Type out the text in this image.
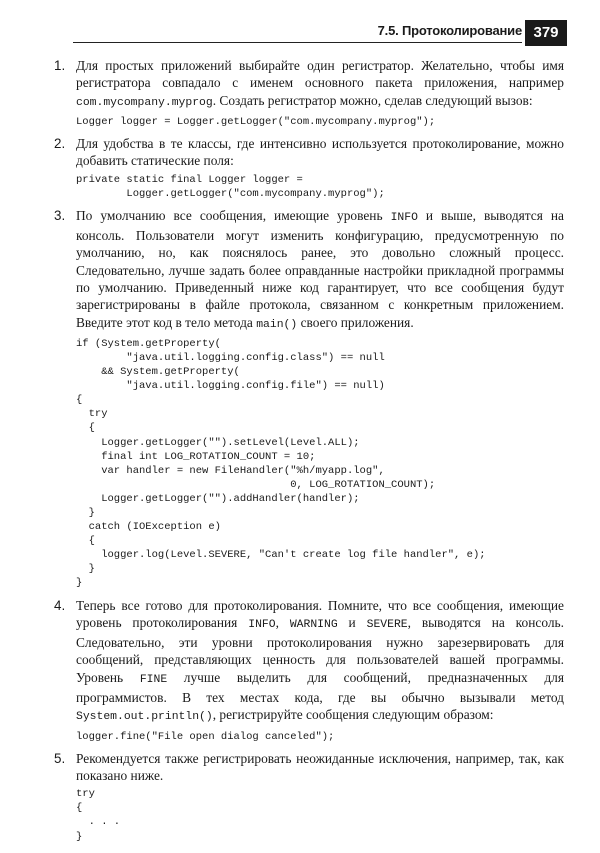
7.5. Протоколирование 379
1. Для простых приложений выбирайте один регистратор. Желательно, чтобы имя регистратора совпадало с именем основного пакета приложения, например com.mycompany.myprog. Создать регистратор можно, сделав следующий вызов:

Logger logger = Logger.getLogger("com.mycompany.myprog");
2. Для удобства в те классы, где интенсивно используется протоколирование, можно добавить статические поля:

private static final Logger logger =
Logger.getLogger("com.mycompany.myprog");
3. По умолчанию все сообщения, имеющие уровень INFO и выше, выводятся на консоль. Пользователи могут изменить конфигурацию, предусмотренную по умолчанию, но, как пояснялось ранее, это довольно сложный процесс. Следовательно, лучше задать более оправданные настройки прикладной программы по умолчанию. Приведенный ниже код гарантирует, что все сообщения будут зарегистрированы в файле протокола, связанном с конкретным приложением. Введите этот код в тело метода main() своего приложения.

if (System.getProperty(
"java.util.logging.config.class") == null
&& System.getProperty(
"java.util.logging.config.file") == null)
{
try
{
Logger.getLogger("").setLevel(Level.ALL);
final int LOG_ROTATION_COUNT = 10;
var handler = new FileHandler("%h/myapp.log",
0, LOG_ROTATION_COUNT);
Logger.getLogger("").addHandler(handler);
}
catch (IOException e)
{
logger.log(Level.SEVERE, "Can't create log file handler", e);
}
}
4. Теперь все готово для протоколирования. Помните, что все сообщения, имеющие уровень протоколирования INFO, WARNING и SEVERE, выводятся на консоль. Следовательно, эти уровни протоколирования нужно зарезервировать для сообщений, представляющих ценность для пользователей вашей программы. Уровень FINE лучше выделить для сообщений, предназначенных для программистов. В тех местах кода, где вы обычно вызывали метод System.out.println(), регистрируйте сообщения следующим образом:

logger.fine("File open dialog canceled");
5. Рекомендуется также регистрировать неожиданные исключения, например, так, как показано ниже.

try
{
. . .
}
